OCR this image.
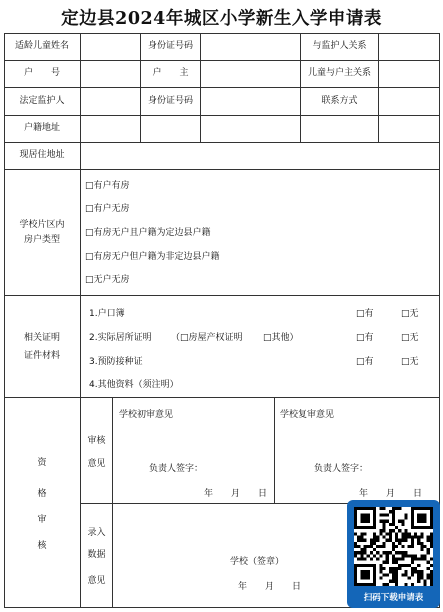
定边县2024年城区小学新生入学申请表
适龄儿童姓名	身份证号码	与监护人关系
户　　号	户　　主	儿童与户主关系
法定监护人	身份证号码	联系方式
户籍地址
现居住地址
学校片区内
房户类型
□有户有房
□有户无房
□有房无户且户籍为定边县户籍
□有房无户但户籍为非定边县户籍
□无户无房
相关证明
证件材料
1.户口簿	□有	□无
2.实际居所证明 （□房屋产权证明 □其他）	□有	□无
3.预防接种证	□有	□无
4.其他资料（须注明）
资
格
审
核
审核
意见
学校初审意见
负责人签字：
年　　月　　日
学校复审意见
负责人签字：
年　　月　　日
录入
数据
意见
学校（签章）
年　　月　　日
扫码下载申请表
